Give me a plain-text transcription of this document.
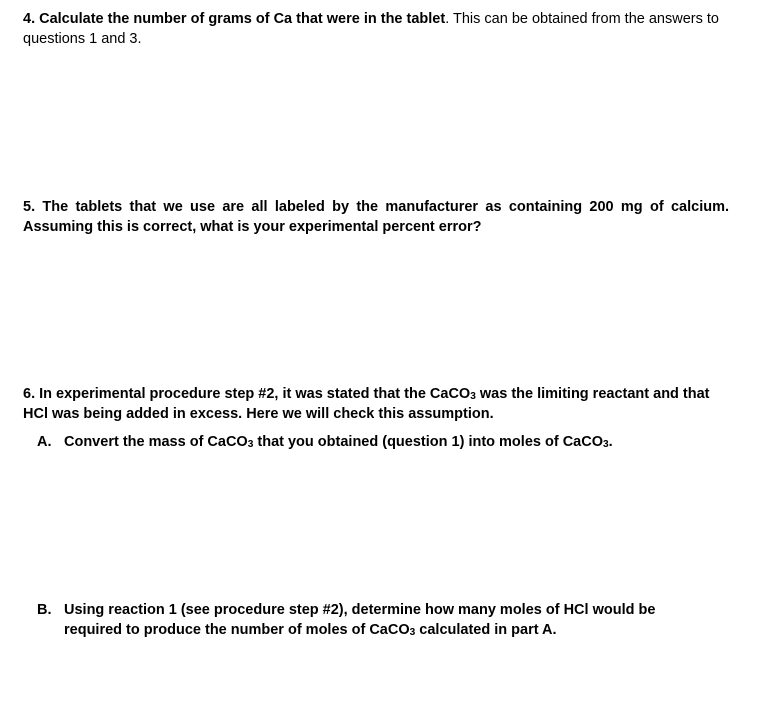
4. Calculate the number of grams of Ca that were in the tablet. This can be obtained from the answers to questions 1 and 3.
5. The tablets that we use are all labeled by the manufacturer as containing 200 mg of calcium. Assuming this is correct, what is your experimental percent error?
6. In experimental procedure step #2, it was stated that the CaCO$_3$ was the limiting reactant and that HCl was being added in excess. Here we will check this assumption.
A. Convert the mass of CaCO$_3$ that you obtained (question 1) into moles of CaCO$_3$.
B. Using reaction 1 (see procedure step #2), determine how many moles of HCl would be required to produce the number of moles of CaCO$_3$ calculated in part A.
